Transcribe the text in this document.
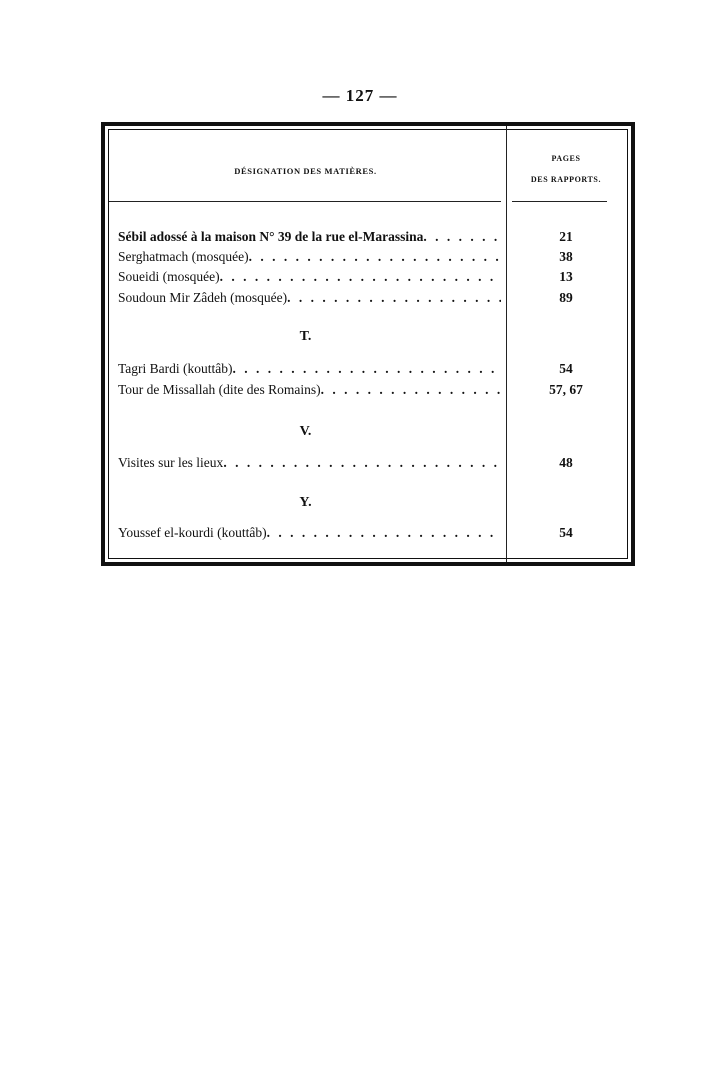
— 127 —
DÉSIGNATION DES MATIÈRES.
PAGES
DES RAPPORTS.
Sébil adossé à la maison N° 39 de la rue el-Marassina . . .	21
Serghatmach (mosquée) . . .	38
Soueidi (mosquée) . . .	13
Soudoun Mir Zâdeh (mosquée) . . .	89
T.
Tagri Bardi (kouttâb) . . .	54
Tour de Missallah (dite des Romains) . . .	57, 67
V.
Visites sur les lieux . . .	48
Y.
Youssef el-kourdi (kouttâb) . . .	54
